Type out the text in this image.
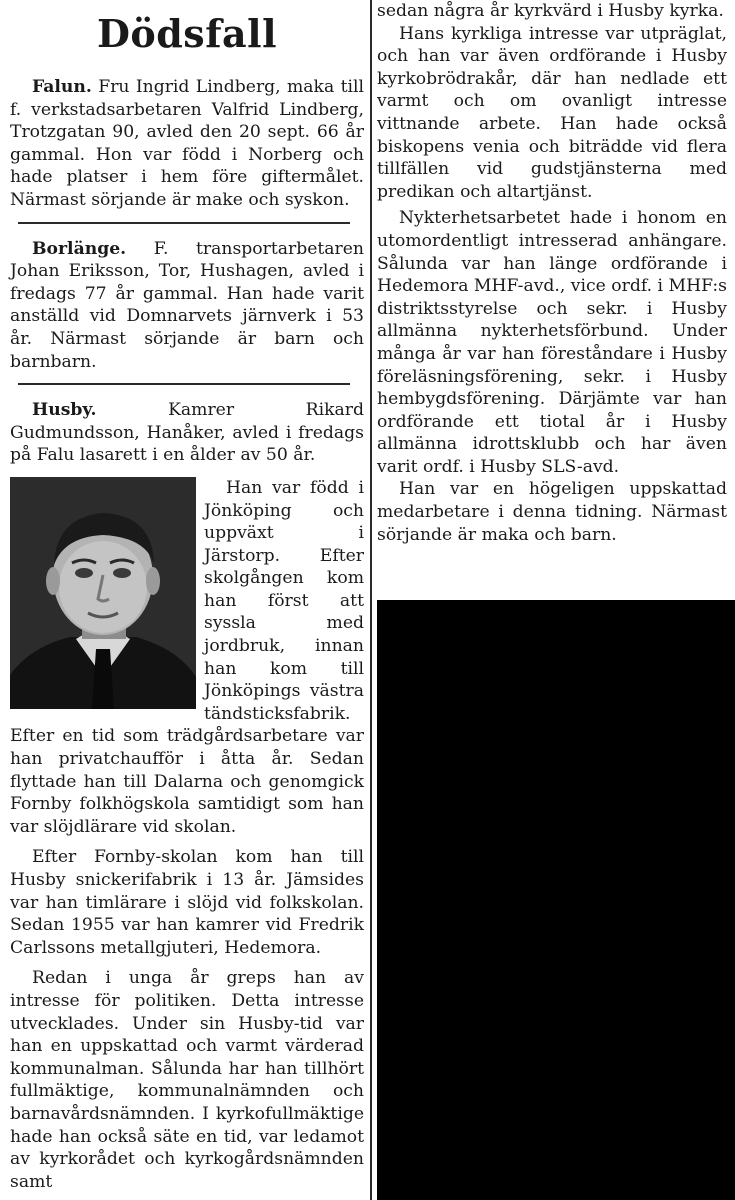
Dödsfall

Falun. Fru Ingrid Lindberg, maka till f. verkstadsarbetaren Valfrid Lindberg, Trotzgatan 90, avled den 20 sept. 66 år gammal. Hon var född i Norberg och hade platser i hem före giftermålet. Närmast sörjande är make och syskon.

Borlänge. F. transportarbetaren Johan Eriksson, Tor, Hushagen, avled i fredags 77 år gammal. Han hade varit anställd vid Domnarvets järnverk i 53 år. Närmast sörjande är barn och barnbarn.

Husby. Kamrer Rikard Gudmundsson, Hanåker, avled i fredags på Falu lasarett i en ålder av 50 år.

Han var född i Jönköping och uppväxt i Järstorp. Efter skolgången kom han först att syssla med jordbruk, innan han kom till Jönköpings västra tändsticksfabrik. Efter en tid som trädgårdsarbetare var han privatchaufför i åtta år. Sedan flyttade han till Dalarna och genomgick Fornby folkhögskola samtidigt som han var slöjdlärare vid skolan.

Efter Fornby-skolan kom han till Husby snickerifabrik i 13 år. Jämsides var han timlärare i slöjd vid folkskolan. Sedan 1955 var han kamrer vid Fredrik Carlssons metallgjuteri, Hedemora.

Redan i unga år greps han av intresse för politiken. Detta intresse utvecklades. Under sin Husby-tid var han en uppskattad och varmt värderad kommunalman. Sålunda har han tillhört fullmäktige, kommunalnämnden och barnavårdsnämnden. I kyrkofullmäktige hade han också säte en tid, var ledamot av kyrkorådet och kyrkogårdsnämnden samt

sedan några år kyrkvärd i Husby kyrka.

Hans kyrkliga intresse var utpräglat, och han var även ordförande i Husby kyrkobrödrakår, där han nedlade ett varmt och om ovanligt intresse vittnande arbete. Han hade också biskopens venia och biträdde vid flera tillfällen vid gudstjänsterna med predikan och altartjänst.

Nykterhetsarbetet hade i honom en utomordentligt intresserad anhängare. Sålunda var han länge ordförande i Hedemora MHF-avd., vice ordf. i MHF:s distriktsstyrelse och sekr. i Husby allmänna nykterhetsförbund. Under många år var han föreståndare i Husby föreläsningsförening, sekr. i Husby hembygdsförening. Därjämte var han ordförande ett tiotal år i Husby allmänna idrottsklubb och har även varit ordf. i Husby SLS-avd.

Han var en högeligen uppskattad medarbetare i denna tidning. Närmast sörjande är maka och barn.
